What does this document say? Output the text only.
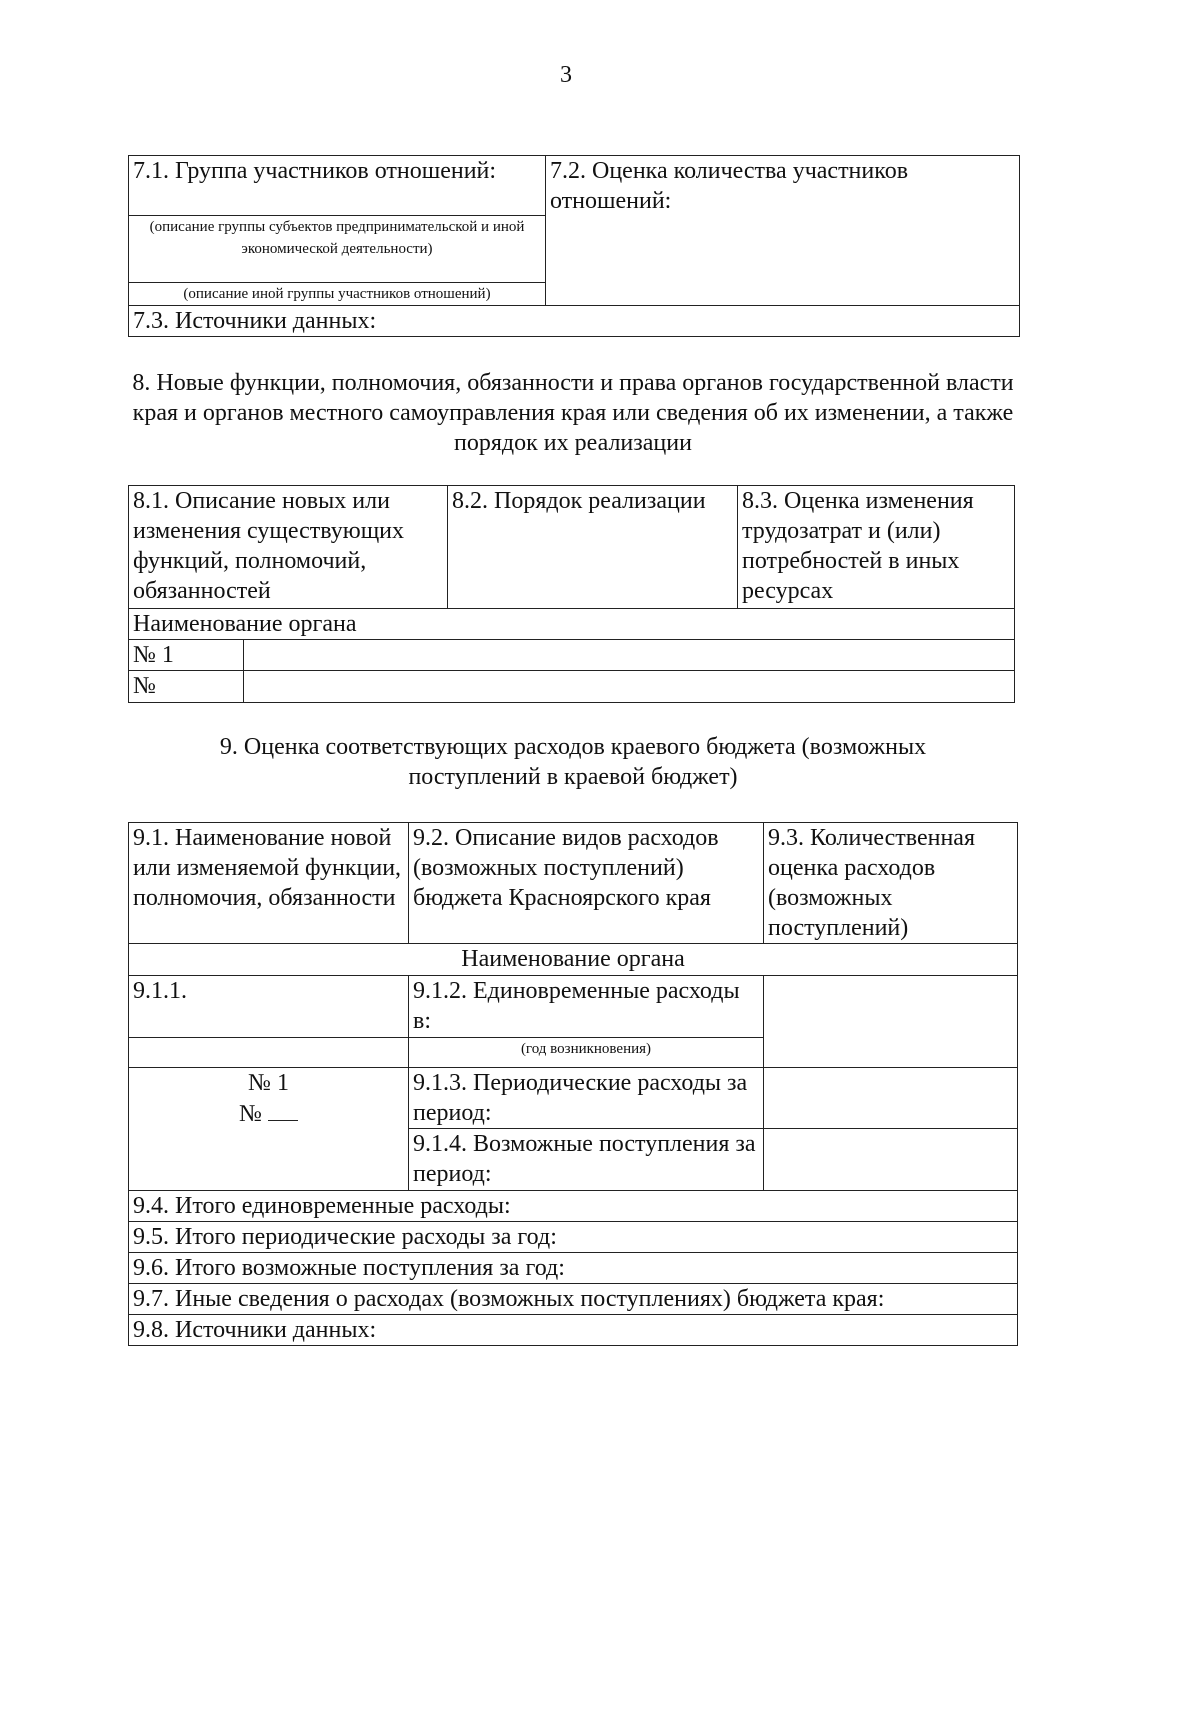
3
7.1. Группа участников отношений:	7.2. Оценка количества участников отношений:
(описание группы субъектов предпринимательской и иной экономической деятельности)
(описание иной группы участников отношений)
7.3. Источники данных:
8. Новые функции, полномочия, обязанности и права органов государственной власти края и органов местного самоуправления края или сведения об их изменении, а также порядок их реализации
8.1. Описание новых или изменения существующих функций, полномочий, обязанностей		8.2. Порядок реализации	8.3. Оценка изменения трудозатрат и (или) потребностей в иных ресурсах
Наименование органа			
№ 1			
№			
9. Оценка соответствующих расходов краевого бюджета (возможных поступлений в краевой бюджет)
9.1. Наименование новой или изменяемой функции, полномочия, обязанности	9.2. Описание видов расходов (возможных поступлений) бюджета Красноярского края	9.3. Количественная оценка расходов (возможных поступлений)
Наименование органа		
9.1.1.	9.1.2. Единовременные расходы в:	
	(год возникновения)	

№ 1
№	9.1.3. Периодические расходы за период:	
	9.1.4. Возможные поступления за период:	
9.4. Итого единовременные расходы:		
9.5. Итого периодические расходы за год:		
9.6. Итого возможные поступления за год:		
9.7. Иные сведения о расходах (возможных поступлениях) бюджета края:		
9.8. Источники данных:		
